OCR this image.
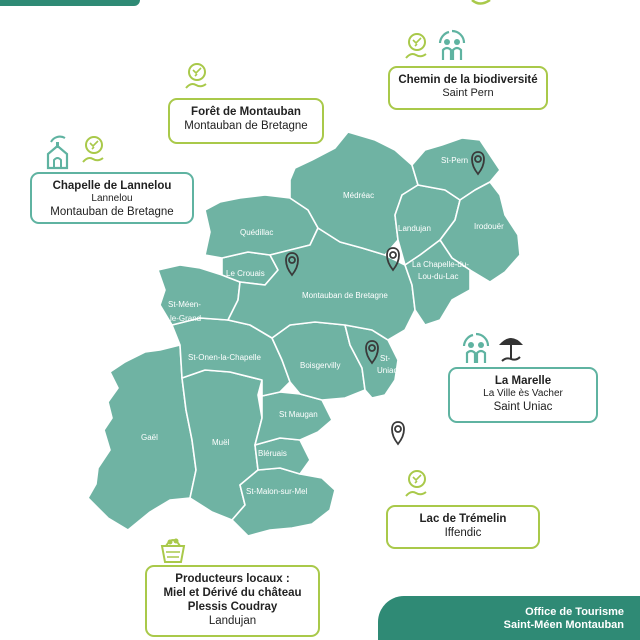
Gaël
Muël
St-Malon-sur-Mel
Bléruais
St Maugan
St-Onen-la-Chapelle
Boisgervilly
St-
Uniac
St-Méen-
le-Grand
Le Crouais
Quédillac
Médréac
Montauban de Bretagne
Landujan
St-Pern
Irodouër
La Chapelle-du-
Lou-du-Lac
Chemin de la biodiversité
Saint Pern
Forêt de Montauban
Montauban de Bretagne
Chapelle de Lannelou
Lannelou
Montauban de Bretagne
La Marelle
La Ville ès Vacher
Saint Uniac
Lac de Trémelin
Iffendic
Producteurs locaux :
Miel et Dérivé du château
Plessis Coudray
Landujan
Office de Tourisme
Saint-Méen Montauban
